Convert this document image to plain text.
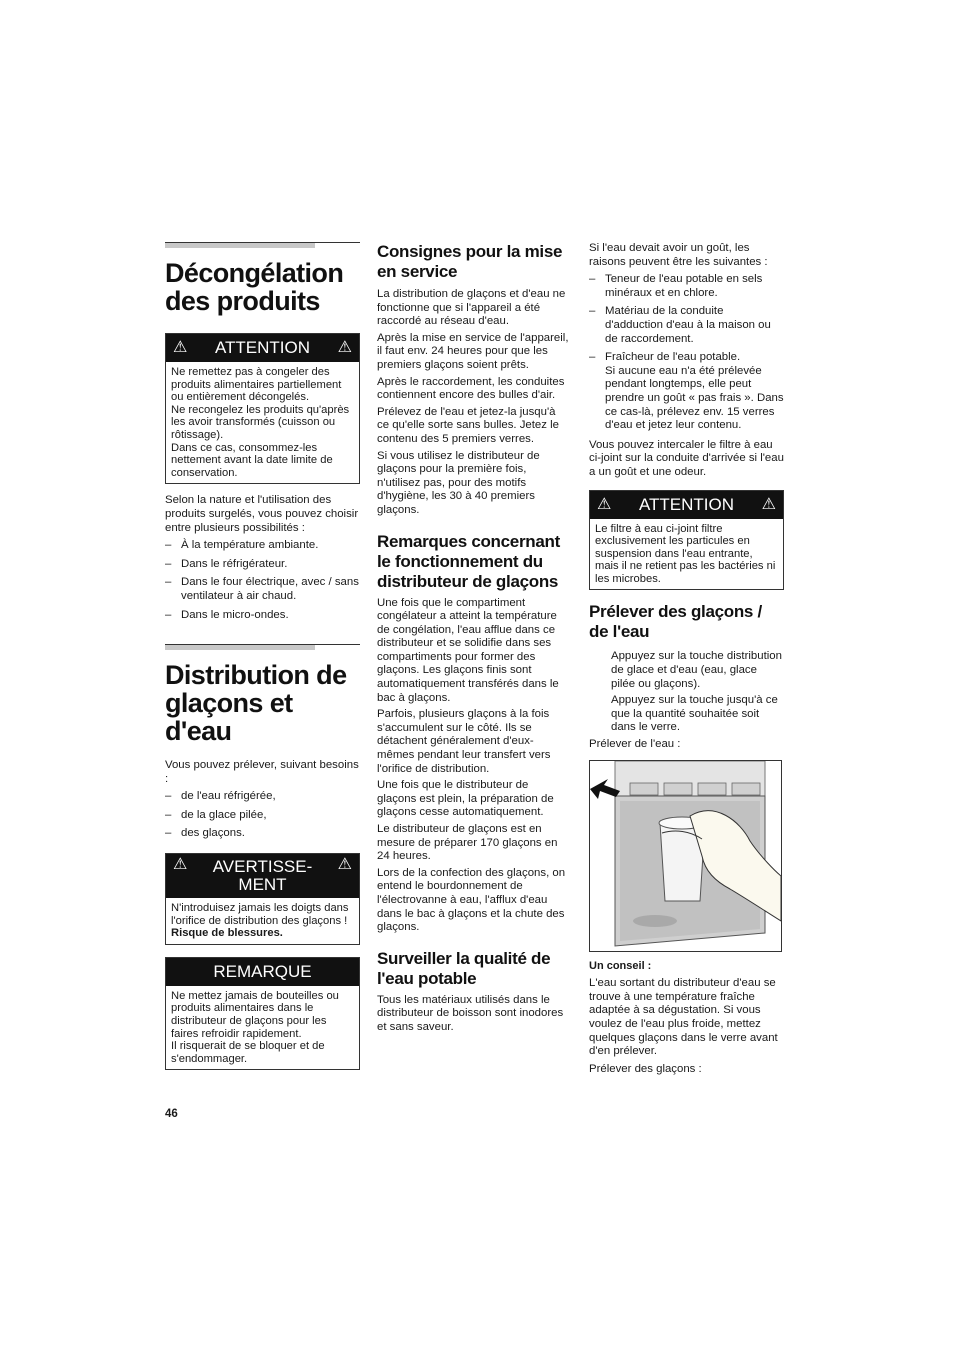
Décongélation des produits
⚠ ATTENTION ⚠

Ne remettez pas à congeler des produits alimentaires partiellement ou entièrement décongelés.

Ne recongelez les produits qu'après les avoir transformés (cuisson ou rôtissage).

Dans ce cas, consommez-les nettement avant la date limite de conservation.

Selon la nature et l'utilisation des produits surgelés, vous pouvez choisir entre plusieurs possibilités :

– À la température ambiante.
– Dans le réfrigérateur.
– Dans le four électrique, avec / sans ventilateur à air chaud.
– Dans le micro-ondes.
Distribution de glaçons et d'eau

Vous pouvez prélever, suivant besoins :

– de l'eau réfrigérée,
– de la glace pilée,
– des glaçons.
⚠	AVERTISSE-
MENT
⚠

N'introduisez jamais les doigts dans l'orifice de distribution des glaçons ! Risque de blessures.

REMARQUE

Ne mettez jamais de bouteilles ou produits alimentaires dans le distributeur de glaçons pour les faires refroidir rapidement.

Il risquerait de se bloquer et de s'endommager.

Consignes pour la mise en service

La distribution de glaçons et d'eau ne fonctionne que si l'appareil a été raccordé au réseau d'eau.

Après la mise en service de l'appareil, il faut env. 24 heures pour que les premiers glaçons soient prêts.

Après le raccordement, les conduites contiennent encore des bulles d'air.

Prélevez de l'eau et jetez-la jusqu'à ce qu'elle sorte sans bulles. Jetez le contenu des 5 premiers verres.

Si vous utilisez le distributeur de glaçons pour la première fois, n'utilisez pas, pour des motifs d'hygiène, les 30 à 40 premiers glaçons.

Remarques concernant le fonctionnement du distributeur de glaçons

Une fois que le compartiment congélateur a atteint la température de congélation, l'eau afflue dans ce distributeur et se solidifie dans ses compartiments pour former des glaçons. Les glaçons finis sont automatiquement transférés dans le bac à glaçons.

Parfois, plusieurs glaçons à la fois s'accumulent sur le côté. Ils se détachent généralement d'eux-mêmes pendant leur transfert vers l'orifice de distribution.

Une fois que le distributeur de glaçons est plein, la préparation de glaçons cesse automatiquement.

Le distributeur de glaçons est en mesure de préparer 170 glaçons en 24 heures.

Lors de la confection des glaçons, on entend le bourdonnement de l'électrovanne à eau, l'afflux d'eau dans le bac à glaçons et la chute des glaçons.

Surveiller la qualité de l'eau potable

Tous les matériaux utilisés dans le distributeur de boisson sont inodores et sans saveur.

Si l'eau devait avoir un goût, les raisons peuvent être les suivantes :

– Teneur de l'eau potable en sels minéraux et en chlore.
– Matériau de la conduite d'adduction d'eau à la maison ou de raccordement.
– Fraîcheur de l'eau potable.
Si aucune eau n'a été prélevée pendant longtemps, elle peut prendre un goût « pas frais ». Dans ce cas-là, prélevez env. 15 verres d'eau et jetez leur contenu.

Vous pouvez intercaler le filtre à eau ci-joint sur la conduite d'arrivée si l'eau a un goût et une odeur.

⚠ ATTENTION ⚠

Le filtre à eau ci-joint filtre exclusivement les particules en suspension dans l'eau entrante, mais il ne retient pas les bactéries ni les microbes.

Prélever des glaçons / de l'eau

Appuyez sur la touche distribution de glace et d'eau (eau, glace pilée ou glaçons).

Appuyez sur la touche jusqu'à ce que la quantité souhaitée soit dans le verre.

Prélever de l'eau :

Un conseil :

L'eau sortant du distributeur d'eau se trouve à une température fraîche adaptée à sa dégustation. Si vous voulez de l'eau plus froide, mettez quelques glaçons dans le verre avant d'en prélever.

Prélever des glaçons :

46
